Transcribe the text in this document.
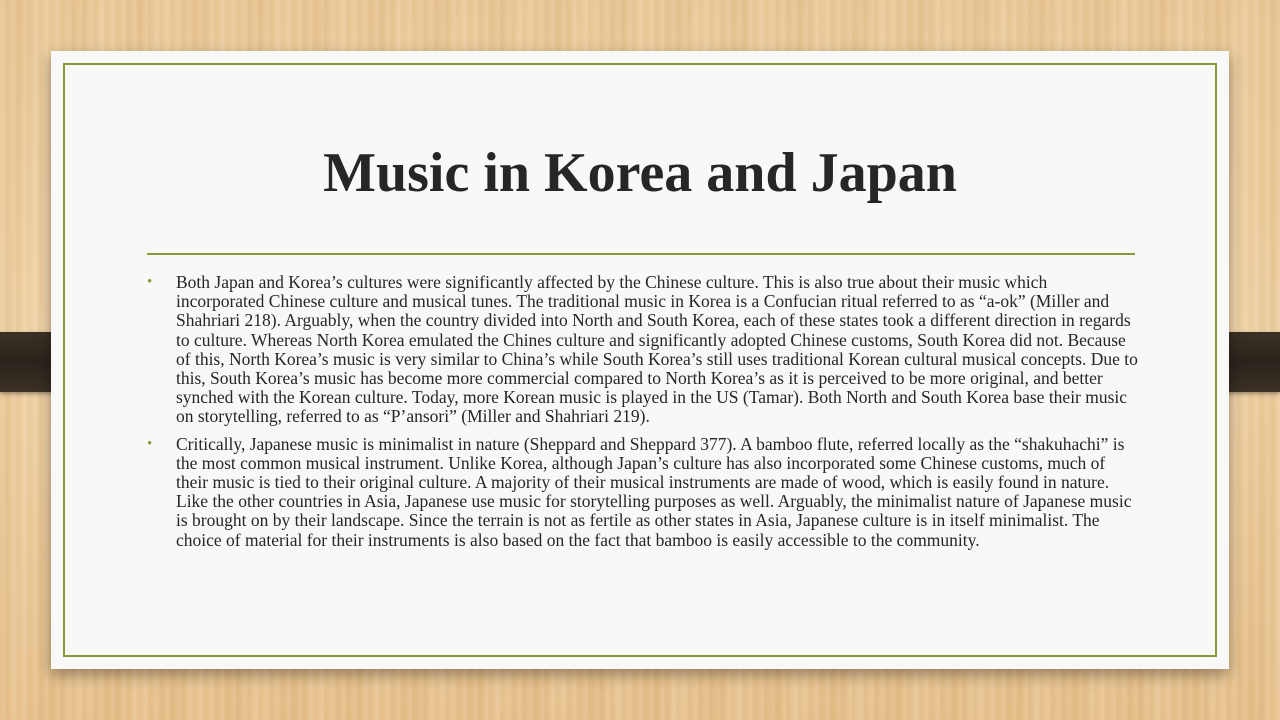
Music in Korea and Japan
• Both Japan and Korea’s cultures were significantly affected by the Chinese culture. This is also true about their music which incorporated Chinese culture and musical tunes. The traditional music in Korea is a Confucian ritual referred to as “a-ok” (Miller and Shahriari 218). Arguably, when the country divided into North and South Korea, each of these states took a different direction in regards to culture. Whereas North Korea emulated the Chines culture and significantly adopted Chinese customs, South Korea did not. Because of this, North Korea’s music is very similar to China’s while South Korea’s still uses traditional Korean cultural musical concepts. Due to this, South Korea’s music has become more commercial compared to North Korea’s as it is perceived to be more original, and better synched with the Korean culture. Today, more Korean music is played in the US (Tamar). Both North and South Korea base their music on storytelling, referred to as “P’ansori” (Miller and Shahriari 219).
• Critically, Japanese music is minimalist in nature (Sheppard and Sheppard 377). A bamboo flute, referred locally as the “shakuhachi” is the most common musical instrument. Unlike Korea, although Japan’s culture has also incorporated some Chinese customs, much of their music is tied to their original culture. A majority of their musical instruments are made of wood, which is easily found in nature. Like the other countries in Asia, Japanese use music for storytelling purposes as well. Arguably, the minimalist nature of Japanese music is brought on by their landscape. Since the terrain is not as fertile as other states in Asia, Japanese culture is in itself minimalist. The choice of material for their instruments is also based on the fact that bamboo is easily accessible to the community.
